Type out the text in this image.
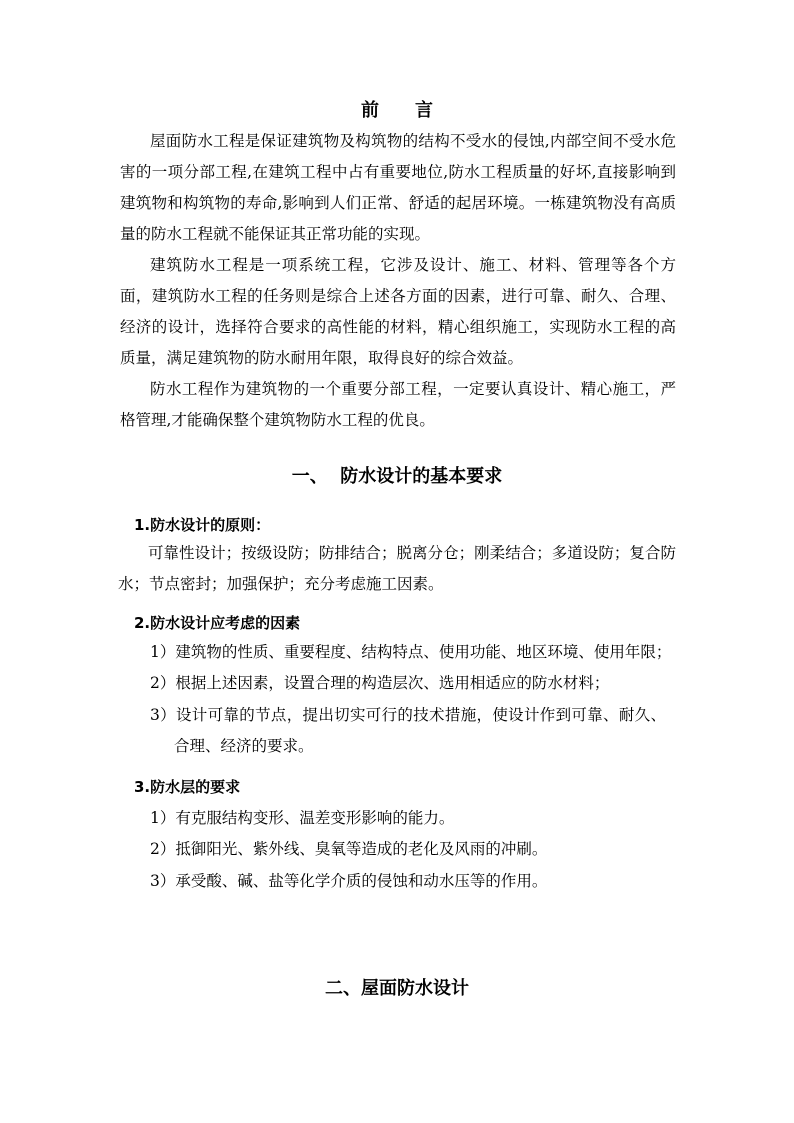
前　　言
屋面防水工程是保证建筑物及构筑物的结构不受水的侵蚀,内部空间不受水危害的一项分部工程,在建筑工程中占有重要地位,防水工程质量的好坏,直接影响到建筑物和构筑物的寿命,影响到人们正常、舒适的起居环境。一栋建筑物没有高质量的防水工程就不能保证其正常功能的实现。
建筑防水工程是一项系统工程，它涉及设计、施工、材料、管理等各个方面，建筑防水工程的任务则是综合上述各方面的因素，进行可靠、耐久、合理、经济的设计，选择符合要求的高性能的材料，精心组织施工，实现防水工程的高质量，满足建筑物的防水耐用年限，取得良好的综合效益。
防水工程作为建筑物的一个重要分部工程，一定要认真设计、精心施工，严格管理,才能确保整个建筑物防水工程的优良。
一、  防水设计的基本要求
1.防水设计的原则：
可靠性设计；按级设防；防排结合；脱离分仓；刚柔结合；多道设防；复合防水；节点密封；加强保护；充分考虑施工因素。
2.防水设计应考虑的因素
1）建筑物的性质、重要程度、结构特点、使用功能、地区环境、使用年限；
2）根据上述因素，设置合理的构造层次、选用相适应的防水材料；
3）设计可靠的节点，提出切实可行的技术措施，使设计作到可靠、耐久、合理、经济的要求。
3.防水层的要求
1）有克服结构变形、温差变形影响的能力。
2）抵御阳光、紫外线、臭氧等造成的老化及风雨的冲刷。
3）承受酸、碱、盐等化学介质的侵蚀和动水压等的作用。
二、屋面防水设计
